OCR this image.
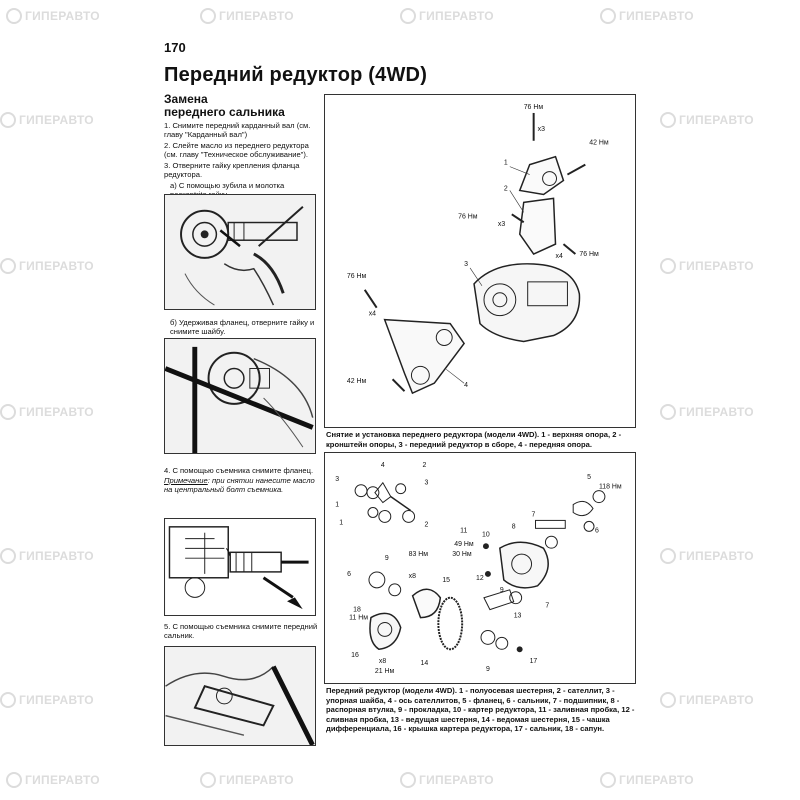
ГИПЕРАВТО	ГИПЕРАВТО	ГИПЕРАВТО	ГИПЕРАВТО
ГИПЕРАВТО	ГИПЕРАВТО
ГИПЕРАВТО	ГИПЕРАВТО
ГИПЕРАВТО	ГИПЕРАВТО
ГИПЕРАВТО	ГИПЕРАВТО
ГИПЕРАВТО	ГИПЕРАВТО
ГИПЕРАВТО	ГИПЕРАВТО	ГИПЕРАВТО	ГИПЕРАВТО
170
Передний редуктор (4WD)
Замена
переднего сальника
1. Снимите передний карданный вал (см. главу "Карданный вал")
2. Слейте масло из переднего редуктора (см. главу "Техническое обслуживание").
3. Отверните гайку крепления фланца редуктора.
а) С помощью зубила и молотка
б) Удерживая фланец, отверните гайку и снимите шайбу.
4. С помощью съемника снимите фланец.
Примечание: при снятии нанесите масло на центральный болт съемника.
5. С помощью съемника снимите передний сальник.
76 Нм
x3
42 Нм
1
2
76 Нм
x3
x4 76 Нм
3
76 Нм
x4
42 Нм
4
Снятие и установка переднего редуктора (модели 4WD). 1 - верхняя опора, 2 - кронштейн опоры, 3 - передний редуктор в сборе, 4 - передняя опора.
3
1
4	2
3
1	2
5
118 Нм
7
6
11
10
8
49 Нм
12
30 Нм
9
83 Нм
x8
6
15
7
9
18
11 Нм	13
16
x8
21 Нм
14
9
17
Передний редуктор (модели 4WD). 1 - полуосевая шестерня, 2 - сателлит, 3 - упорная шайба, 4 - ось сателлитов, 5 - фланец, 6 - сальник, 7 - подшипник, 8 - распорная втулка, 9 - прокладка, 10 - картер редуктора, 11 - заливная пробка, 12 - сливная пробка, 13 - ведущая шестерня, 14 - ведомая шестерня, 15 - чашка дифференциала, 16 - крышка картера редуктора, 17 - сальник, 18 - сапун.
